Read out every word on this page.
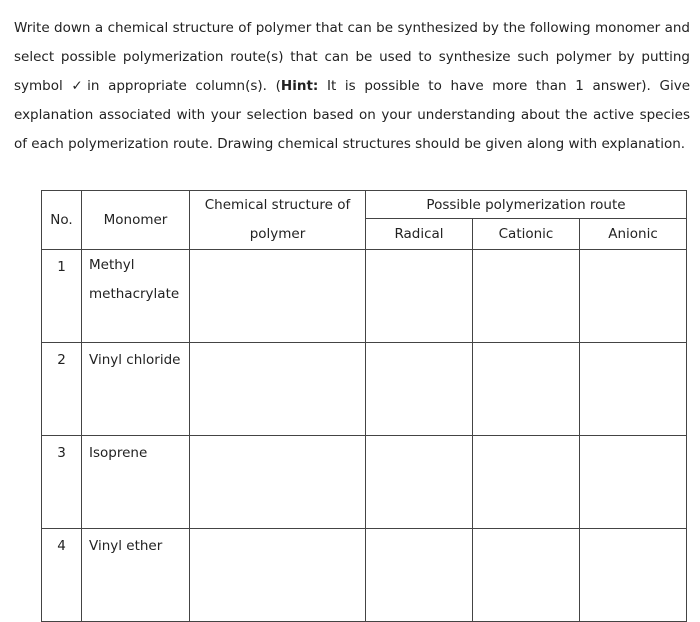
Write down a chemical structure of polymer that can be synthesized by the following monomer and select possible polymerization route(s) that can be used to synthesize such polymer by putting symbol ✓in appropriate column(s). (Hint: It is possible to have more than 1 answer). Give explanation associated with your selection based on your understanding about the active species of each polymerization route. Drawing chemical structures should be given along with explanation.

No.	Monomer	Chemical structure of	Possible polymerization route		
		polymer	Radical	Cationic	Anionic
1	Methyl
methacrylate				
2	Vinyl chloride				
3	Isoprene				
4	Vinyl ether				
